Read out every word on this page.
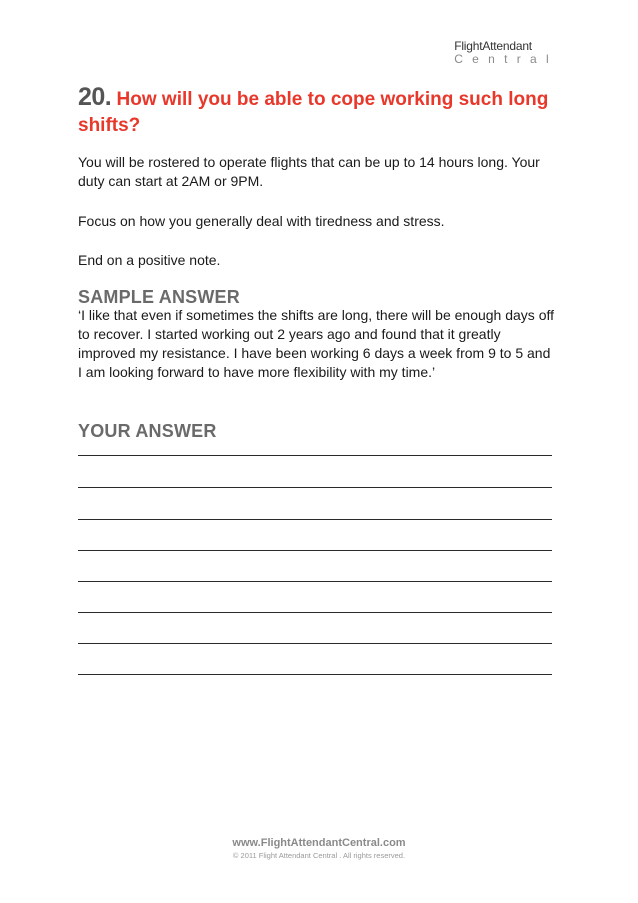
FlightAttendant
Central
20. How will you be able to cope working such long shifts?

You will be rostered to operate flights that can be up to 14 hours long. Your duty can start at 2AM or 9PM.

Focus on how you generally deal with tiredness and stress.

End on a positive note.

SAMPLE ANSWER

‘I like that even if sometimes the shifts are long, there will be enough days off to recover. I started working out 2 years ago and found that it greatly improved my resistance. I have been working 6 days a week from 9 to 5 and I am looking forward to have more flexibility with my time.’

YOUR ANSWER
www.FlightAttendantCentral.com
© 2011 Flight Attendant Central . All rights reserved.
